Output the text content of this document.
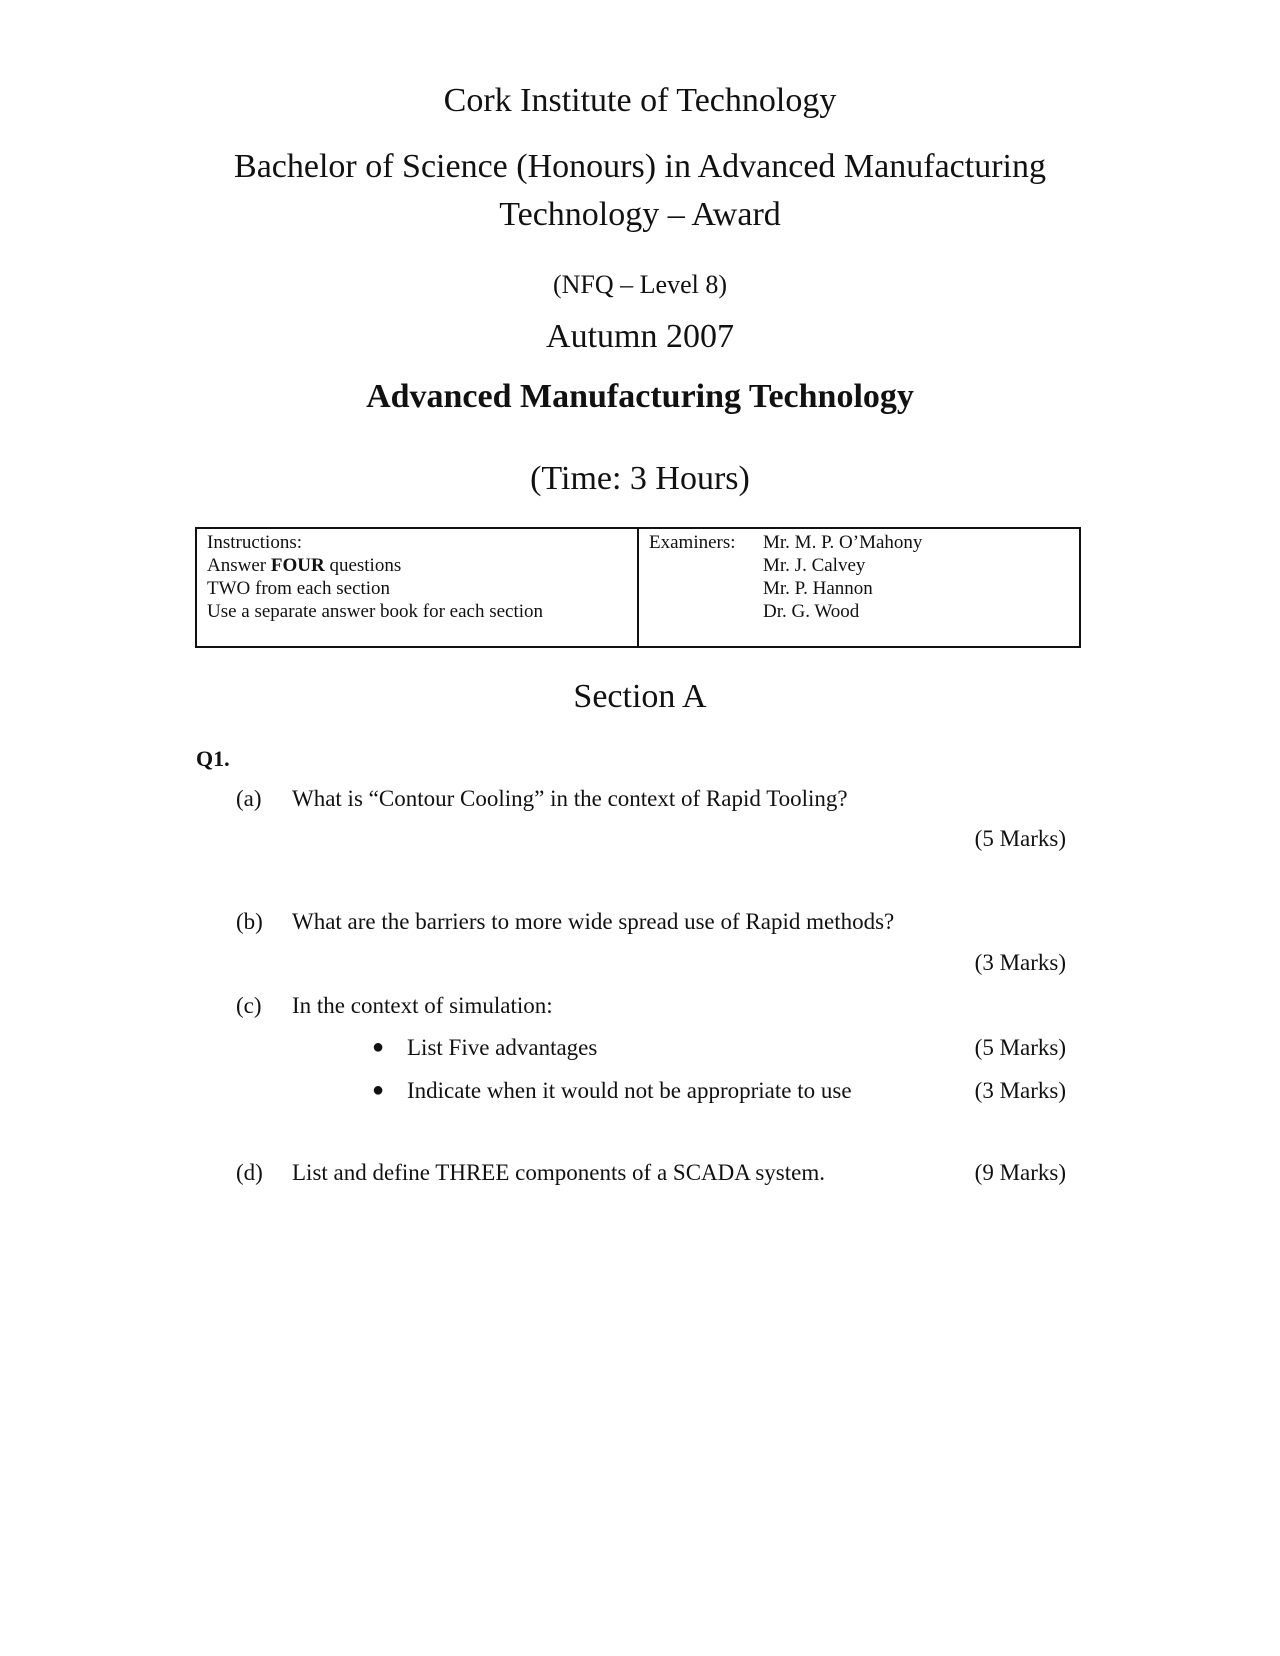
Cork Institute of Technology
Bachelor of Science (Honours) in Advanced Manufacturing
Technology – Award
(NFQ – Level 8)
Autumn 2007
Advanced Manufacturing Technology
(Time: 3 Hours)
Instructions:
Answer FOUR questions
TWO from each section
Use a separate answer book for each section
Examiners: Mr. M. P. O’Mahony
Mr. J. Calvey
Mr. P. Hannon
Dr. G. Wood
Section A
Q1.
(a)	What is “Contour Cooling” in the context of Rapid Tooling?
(5 Marks)
(b)	What are the barriers to more wide spread use of Rapid methods?
(3 Marks)
(c)	In the context of simulation:
● List Five advantages	(5 Marks)
● Indicate when it would not be appropriate to use	(3 Marks)
(d)	List and define THREE components of a SCADA system.	(9 Marks)
